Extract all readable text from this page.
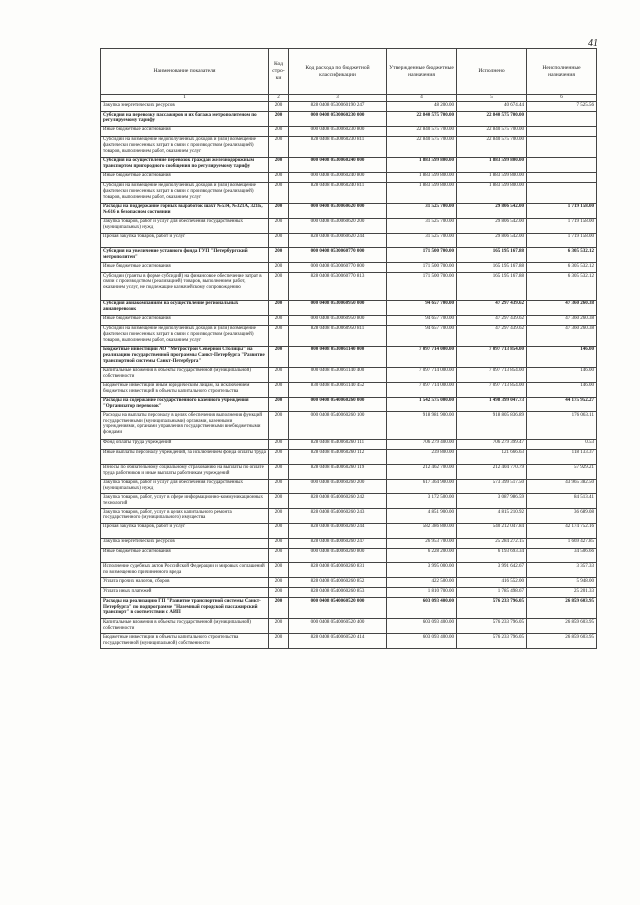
41
Наименование показателя	Код стро-ки	Код расхода по бюджетной классификации	Утвержденные бюджетные назначения	Исполнено	Неисполненные назначения
1	2	3	4	5	6
Закупка энергетических ресурсов	200	828 0408 0530060190 247	48 200.00	40 674.44	7 525.56
Субсидия на перевозку пассажиров и их багажа метрополитеном по регулируемому тарифу	200	000 0408 0530060230 000	22 840 575 700.00	22 840 575 700.00	
Иные бюджетные ассигнования	200	000 0408 0530060230 800	22 840 575 700.00	22 840 575 700.00	
Субсидии на возмещение недополученных доходов и (или) возмещение фактически понесенных затрат в связи с производством (реализацией) товаров, выполнением работ, оказанием услуг	200	828 0408 0530060230 811	22 840 575 700.00	22 840 575 700.00	
Субсидия на осуществление перевозок граждан железнодорожным транспортом пригородного сообщения по регулируемому тарифу	200	000 0408 0530060240 000	1 883 599 800.00	1 883 599 800.00	
Иные бюджетные ассигнования	200	000 0408 0530060240 800	1 883 599 800.00	1 883 599 800.00	
Субсидии на возмещение недополученных доходов и (или) возмещение фактически понесенных затрат в связи с производством (реализацией) товаров, выполнением работ, оказанием услуг	200	828 0408 0530060240 811	1 883 599 800.00	1 883 599 800.00	
Расходы на поддержание горных выработок шахт №534, №321А, 321Б, №616 в безопасном состоянии	200	000 0408 0530060620 000	31 525 700.00	29 806 542.00	1 719 158.00
Закупка товаров, работ и услуг для обеспечения государственных (муниципальных) нужд	200	000 0408 0530060620 200	31 525 700.00	29 806 542.00	1 719 158.00
Прочая закупка товаров, работ и услуг	200	828 0408 0530060620 244	31 525 700.00	29 806 542.00	1 719 158.00
Субсидия на увеличение уставного фонда ГУП "Петербургский метрополитен"	200	000 0408 0530060770 000	171 500 700.00	165 195 167.88	6 305 532.12
Иные бюджетные ассигнования	200	000 0408 0530060770 800	171 500 700.00	165 195 167.88	6 305 532.12
Субсидии (гранты в форме субсидий) на финансовое обеспечение затрат в связи с производством (реализацией) товаров, выполнением работ, оказанием услуг, не подлежащие казначейскому сопровождению	200	828 0408 0530060770 813	171 500 700.00	165 195 167.88	6 305 532.12
Субсидия авиакомпаниям на осуществление региональных авиаперевозок	200	000 0408 0530060950 000	94 657 700.00	47 297 439.62	47 360 260.38
Иные бюджетные ассигнования	200	000 0408 0530060950 800	94 657 700.00	47 297 439.62	47 360 260.38
Субсидии на возмещение недополученных доходов и (или) возмещение фактически понесенных затрат в связи с производством (реализацией) товаров, выполнением работ, оказанием услуг	200	828 0408 0530060950 811	94 657 700.00	47 297 439.62	47 360 260.38
Бюджетные инвестиции АО "Метрострой Северной Столицы" на реализацию государственной программы Санкт-Петербурга "Развитие транспортной системы Санкт-Петербурга"	200	000 0408 0530061140 000	7 097 714 000.00	7 097 713 854.00	146.00
Капитальные вложения в объекты государственной (муниципальной) собственности	200	000 0408 0530061140 400	7 097 714 000.00	7 097 713 854.00	146.00
Бюджетные инвестиции иным юридическим лицам, за исключением бюджетных инвестиций в объекты капитального строительства	200	830 0408 0530061140 452	7 097 714 000.00	7 097 713 854.00	146.00
Расходы на содержание государственного казенного учреждения "Организатор перевозок"	200	000 0408 0540060260 000	1 542 575 000.00	1 498 399 047.73	44 175 952.27
Расходы на выплаты персоналу в целях обеспечения выполнения функций государственными (муниципальными) органами, казенными учреждениями, органами управления государственными внебюджетными фондами	200	000 0408 0540060260 100	918 981 900.00	918 805 836.89	176 063.11
Фонд оплаты труда учреждений	200	828 0408 0540060260 111	706 279 400.00	706 279 399.47	0.53
Иные выплаты персоналу учреждений, за исключением фонда оплаты труда	200	828 0408 0540060260 112	239 800.00	121 666.63	118 133.37
Взносы по обязательному социальному страхованию на выплаты по оплате труда работников и иные выплаты работникам учреждений	200	828 0408 0540060260 119	212 462 700.00	212 404 770.79	57 929.21
Закупка товаров, работ и услуг для обеспечения государственных (муниципальных) нужд	200	000 0408 0540060260 200	617 364 900.00	573 399 517.50	43 965 382.50
Закупка товаров, работ, услуг в сфере информационно-коммуникационных технологий	200	828 0408 0540060260 242	3 172 500.00	3 087 986.59	84 513.41
Закупка товаров, работ, услуг в целях капитального ремонта государственного (муниципального) имущества	200	828 0408 0540060260 243	4 851 900.00	4 815 210.92	36 689.08
Прочая закупка товаров, работ и услуг	200	828 0408 0540060260 244	582 386 800.00	540 212 047.84	42 174 752.16
Закупка энергетических ресурсов	200	828 0408 0540060260 247	26 953 700.00	25 284 272.15	1 669 427.85
Иные бюджетные ассигнования	200	000 0408 0540060260 800	6 228 200.00	6 193 693.34	34 506.66
Исполнение судебных актов Российской Федерации и мировых соглашений по возмещению причиненного вреда	200	828 0408 0540060260 831	3 995 000.00	3 991 642.67	3 357.33
Уплата прочих налогов, сборов	200	828 0408 0540060260 852	422 500.00	416 552.00	5 948.00
Уплата иных платежей	200	828 0408 0540060260 853	1 810 700.00	1 785 498.67	25 201.33
Расходы на реализацию ГП "Развитие транспортной системы Санкт-Петербурга" по подпрограмме "Наземный городской пассажирский транспорт" в соответствии с АИП	200	000 0408 0540060520 000	603 093 400.00	576 233 796.05	26 859 603.95
Капитальные вложения в объекты государственной (муниципальной) собственности	200	000 0408 0540060520 400	603 093 400.00	576 233 796.05	26 859 603.95
Бюджетные инвестиции в объекты капитального строительства государственной (муниципальной) собственности	200	828 0408 0540060520 414	603 093 400.00	576 233 796.05	26 859 603.95
